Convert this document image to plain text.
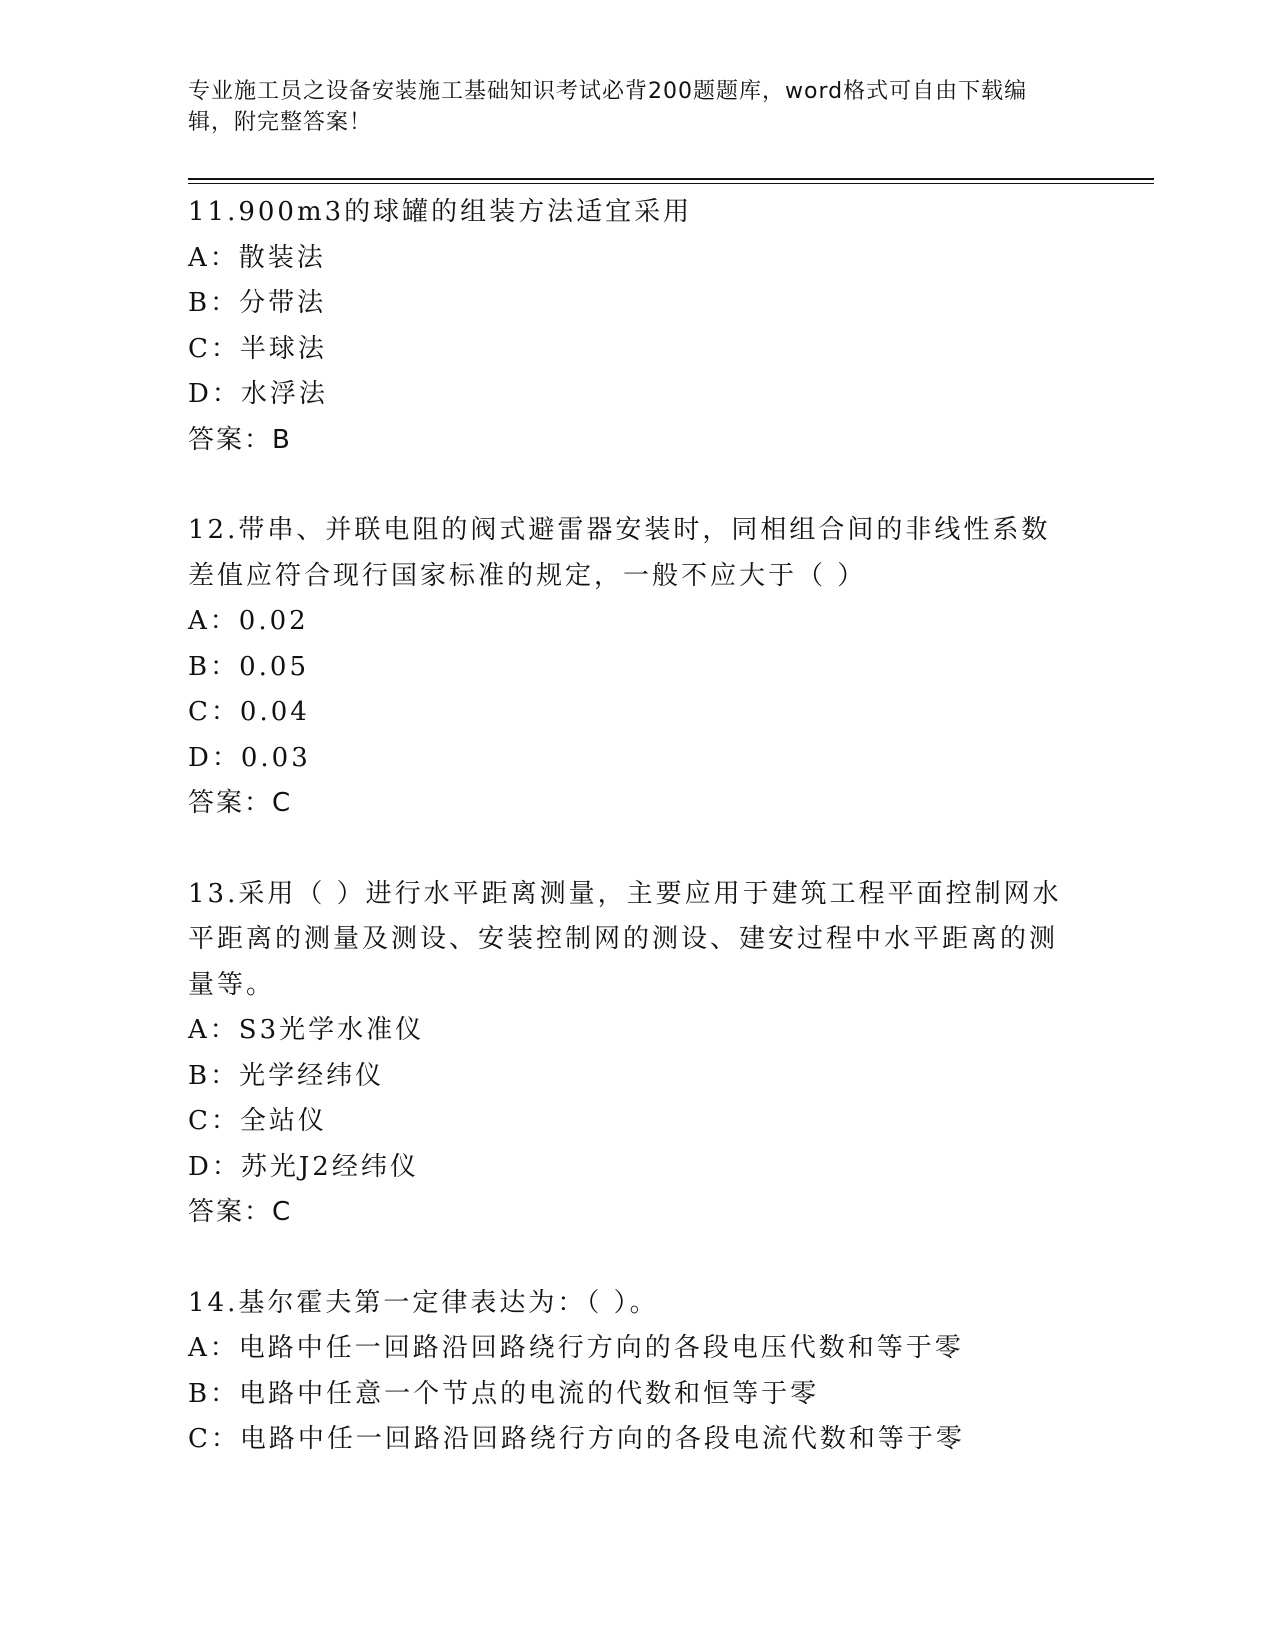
专业施工员之设备安装施工基础知识考试必背200题题库，word格式可自由下载编辑，附完整答案！

11.900m3的球罐的组装方法适宜采用

A：散装法

B：分带法

C：半球法

D：水浮法

答案：B

12.带串、并联电阻的阀式避雷器安装时，同相组合间的非线性系数差值应符合现行国家标准的规定，一般不应大于（ ）

A：0.02

B：0.05

C：0.04

D：0.03

答案：C

13.采用（ ）进行水平距离测量，主要应用于建筑工程平面控制网水平距离的测量及测设、安装控制网的测设、建安过程中水平距离的测量等。

A：S3光学水准仪

B：光学经纬仪

C：全站仪

D：苏光J2经纬仪

答案：C

14.基尔霍夫第一定律表达为：（ ）。

A：电路中任一回路沿回路绕行方向的各段电压代数和等于零

B：电路中任意一个节点的电流的代数和恒等于零

C：电路中任一回路沿回路绕行方向的各段电流代数和等于零
